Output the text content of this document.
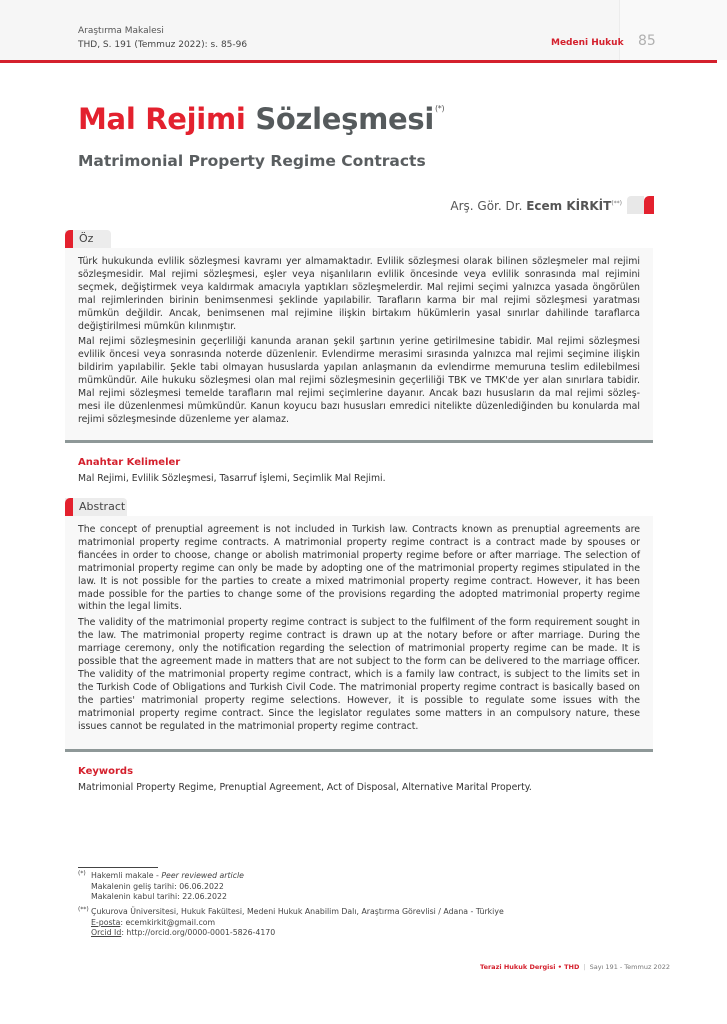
Araştırma Makalesi
THD, S. 191 (Temmuz 2022): s. 85-96	Medeni Hukuk 85
Mal Rejimi Sözleşmesi(*)
Matrimonial Property Regime Contracts
Arş. Gör. Dr. Ecem KİRKİT(**)
Öz

Türk hukukunda evlilik sözleşmesi kavramı yer almamaktadır. Evlilik sözleşmesi olarak bilinen sözleşmeler mal rejimi sözleşmesidir. Mal rejimi sözleşmesi, eşler veya nişanlıların evlilik öncesinde veya evlilik sonrasında mal rejimini seçmek, değiştirmek veya kaldırmak amacıyla yaptıkları sözleşmelerdir. Mal rejimi seçimi yalnızca yasada öngörülen mal rejimlerinden birinin benimsenmesi şeklinde yapılabilir. Tarafların karma bir mal rejimi sözleşmesi yaratması mümkün değildir. Ancak, benimsenen mal rejimine ilişkin birtakım hükümlerin yasal sınırlar dahilinde taraflarca değiştirilmesi mümkün kılınmıştır.

Mal rejimi sözleşmesinin geçerliliği kanunda aranan şekil şartının yerine getirilmesine tabidir. Mal rejimi sözleşmesi evlilik öncesi veya sonrasında noterde düzenlenir. Evlendirme merasimi sırasında yalnızca mal rejimi seçimine ilişkin bildirim yapılabilir. Şekle tabi olmayan hususlarda yapılan anlaşmanın da evlendirme memuruna teslim edilebilmesi mümkündür. Aile hukuku sözleşmesi olan mal rejimi sözleşmesinin geçerliliği TBK ve TMK'de yer alan sınırlara tabidir. Mal rejimi sözleşmesi temelde tarafların mal rejimi seçimlerine dayanır. Ancak bazı hususların da mal rejimi sözleş-mesi ile düzenlenmesi mümkündür. Kanun koyucu bazı hususları emredici nitelikte düzenlediğinden bu konularda mal rejimi sözleşmesinde düzenleme yer alamaz.

Anahtar Kelimeler
Mal Rejimi, Evlilik Sözleşmesi, Tasarruf İşlemi, Seçimlik Mal Rejimi.
Abstract

The concept of prenuptial agreement is not included in Turkish law. Contracts known as prenuptial agreements are matrimonial property regime contracts. A matrimonial property regime contract is a contract made by spouses or fiancées in order to choose, change or abolish matrimonial property regime before or after marriage. The selection of matrimonial property regime can only be made by adopting one of the matrimonial property regimes stipulated in the law. It is not possible for the parties to create a mixed matrimonial property regime contract. However, it has been made possible for the parties to change some of the provisions regarding the adopted matrimonial property regime within the legal limits.

The validity of the matrimonial property regime contract is subject to the fulfilment of the form requirement sought in the law. The matrimonial property regime contract is drawn up at the notary before or after marriage. During the marriage ceremony, only the notification regarding the selection of matrimonial property regime can be made. It is possible that the agreement made in matters that are not subject to the form can be delivered to the marriage officer. The validity of the matrimonial property regime contract, which is a family law contract, is subject to the limits set in the Turkish Code of Obligations and Turkish Civil Code. The matrimonial property regime contract is basically based on the parties' matrimonial property regime selections. However, it is possible to regulate some issues with the matrimonial property regime contract. Since the legislator regulates some matters in an compulsory nature, these issues cannot be regulated in the matrimonial property regime contract.

Keywords
Matrimonial Property Regime, Prenuptial Agreement, Act of Disposal, Alternative Marital Property.
(*) Hakemli makale - Peer reviewed article
Makalenin geliş tarihi: 06.06.2022
Makalenin kabul tarihi: 22.06.2022
(**) Çukurova Üniversitesi, Hukuk Fakültesi, Medeni Hukuk Anabilim Dalı, Araştırma Görevlisi / Adana - Türkiye
E-posta: ecemkirkit@gmail.com
Orcid Id: http://orcid.org/0000-0001-5826-4170
Terazi Hukuk Dergisi • THD | Sayı 191 - Temmuz 2022
